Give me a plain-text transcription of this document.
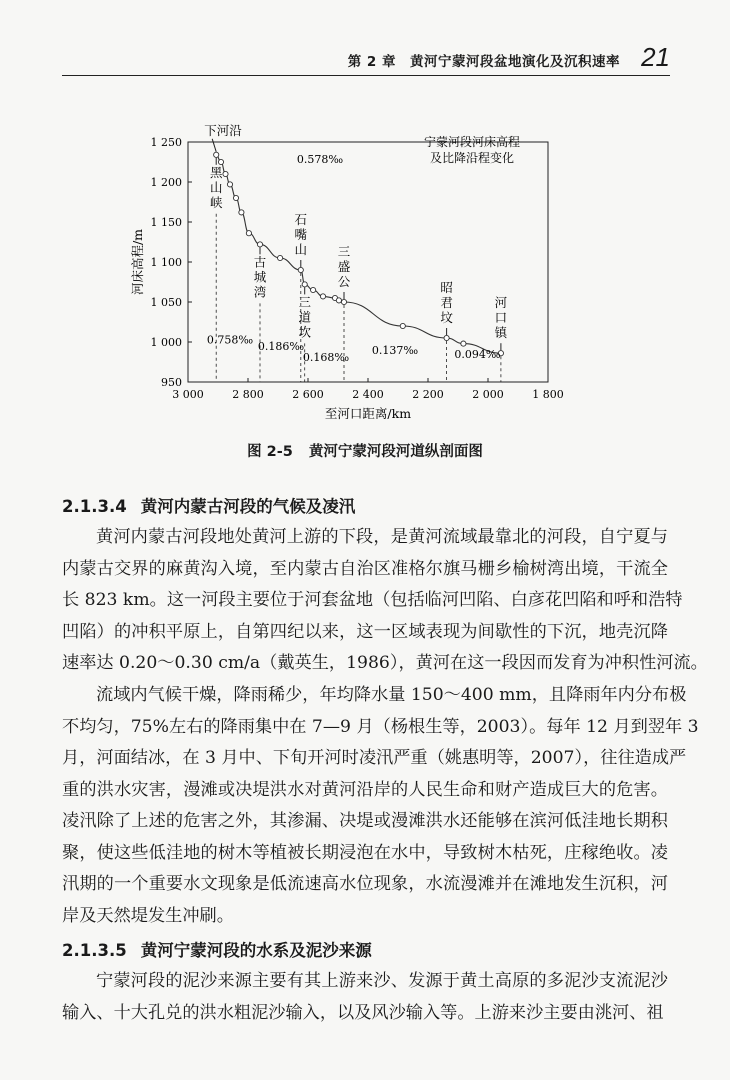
第 2 章　黄河宁蒙河段盆地演化及沉积速率 21
3 000	2 800	2 600	2 400	2 200	2 000	1 800
950
1 000
1 050
1 100
1 150
1 200
1 250
至河口距离/km
河床高程/m
宁蒙河段河床高程
及比降沿程变化
下河沿
黑山峡
古城湾
石嘴山
三道坎
三盛公	昭君坟
河口镇
0.758‰ 0.186‰
0.578‰
0.168‰
0.137‰	0.094‰
图 2-5 黄河宁蒙河段河道纵剖面图
2.1.3.4 黄河内蒙古河段的气候及凌汛
黄河内蒙古河段地处黄河上游的下段，是黄河流域最靠北的河段，自宁夏与
内蒙古交界的麻黄沟入境，至内蒙古自治区准格尔旗马栅乡榆树湾出境，干流全
长 823 km。这一河段主要位于河套盆地（包括临河凹陷、白彦花凹陷和呼和浩特
凹陷）的冲积平原上，自第四纪以来，这一区域表现为间歇性的下沉，地壳沉降
速率达 0.20～0.30 cm/a（戴英生，1986），黄河在这一段因而发育为冲积性河流。
流域内气候干燥，降雨稀少，年均降水量 150～400 mm，且降雨年内分布极
不均匀，75%左右的降雨集中在 7—9 月（杨根生等，2003）。每年 12 月到翌年 3
月，河面结冰，在 3 月中、下旬开河时凌汛严重（姚惠明等，2007），往往造成严
重的洪水灾害，漫滩或决堤洪水对黄河沿岸的人民生命和财产造成巨大的危害。
凌汛除了上述的危害之外，其渗漏、决堤或漫滩洪水还能够在滨河低洼地长期积
聚，使这些低洼地的树木等植被长期浸泡在水中，导致树木枯死，庄稼绝收。凌
汛期的一个重要水文现象是低流速高水位现象，水流漫滩并在滩地发生沉积，河
岸及天然堤发生冲刷。
2.1.3.5 黄河宁蒙河段的水系及泥沙来源
宁蒙河段的泥沙来源主要有其上游来沙、发源于黄土高原的多泥沙支流泥沙
输入、十大孔兑的洪水粗泥沙输入，以及风沙输入等。上游来沙主要由洮河、祖
